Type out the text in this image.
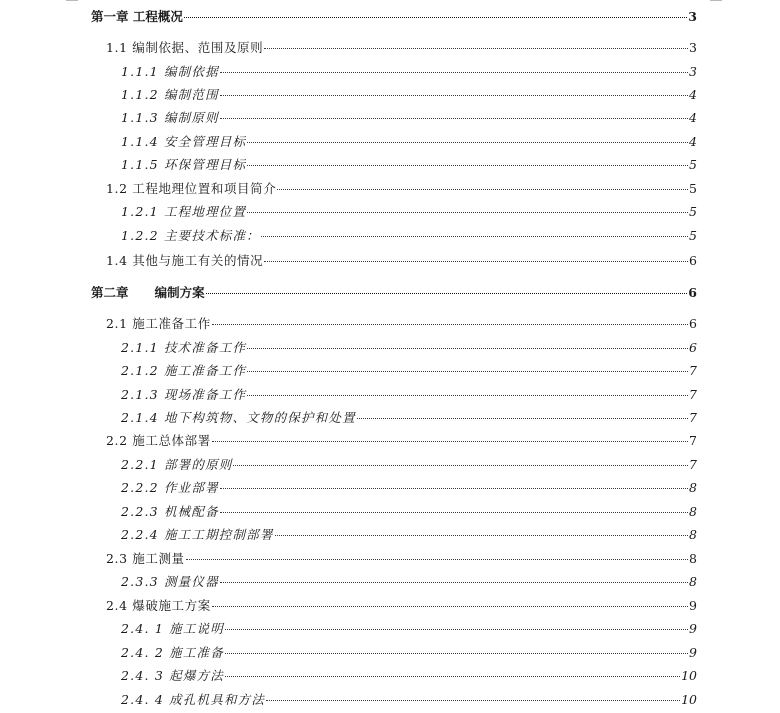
第一章 工程概况	3
1.1 编制依据、范围及原则	3
1.1.1 编制依据	3
1.1.2 编制范围	4
1.1.3 编制原则	4
1.1.4 安全管理目标	4
1.1.5 环保管理目标	5
1.2 工程地理位置和项目简介	5
1.2.1 工程地理位置	5
1.2.2 主要技术标准：	5
1.4 其他与施工有关的情况	6
第二章      编制方案	6
2.1 施工准备工作	6
2.1.1 技术准备工作	6
2.1.2 施工准备工作	7
2.1.3 现场准备工作	7
2.1.4 地下构筑物、文物的保护和处置	7
2.2 施工总体部署	7
2.2.1 部署的原则	7
2.2.2 作业部署	8
2.2.3 机械配备	8
2.2.4 施工工期控制部署	8
2.3 施工测量	8
2.3.3 测量仪器	8
2.4 爆破施工方案	9
2.4. 1 施工说明	9
2.4. 2 施工准备	9
2.4. 3 起爆方法	10
2.4. 4 成孔机具和方法	10
